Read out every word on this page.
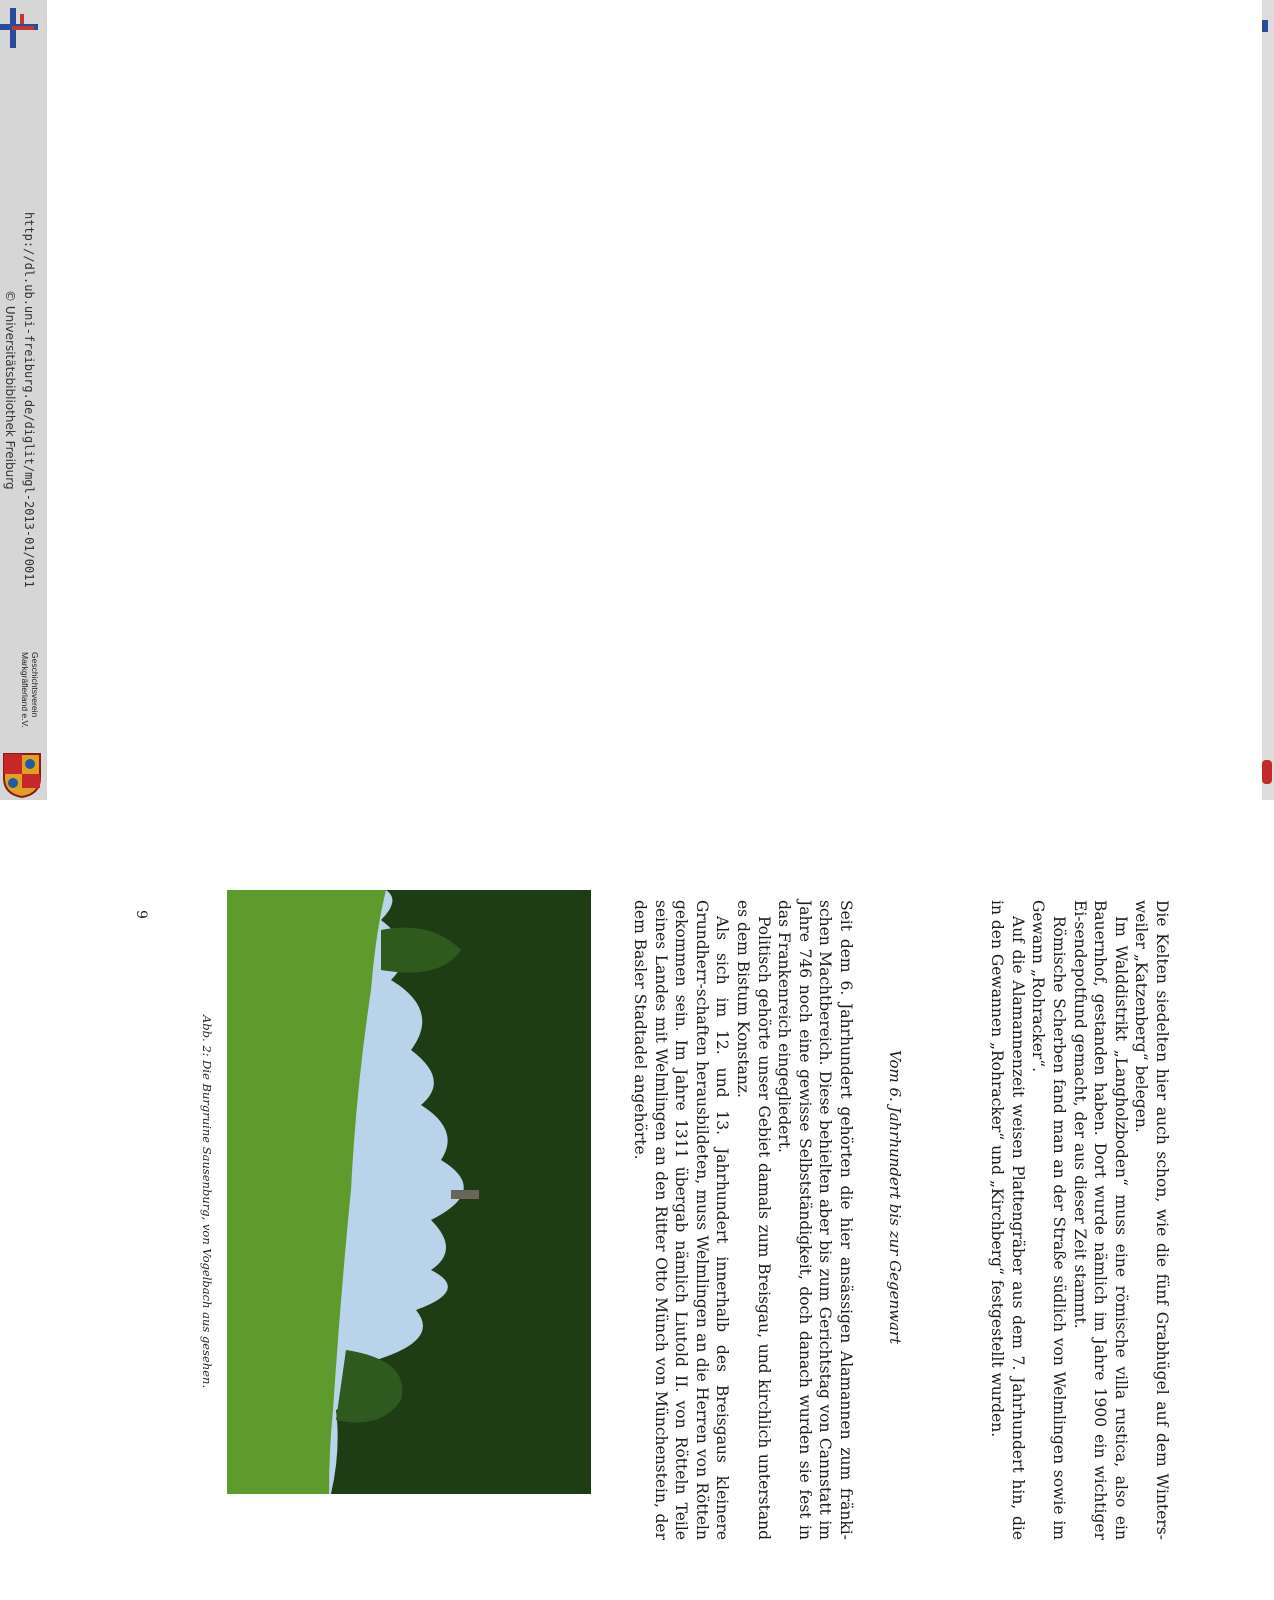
Die Kelten siedelten hier auch schon, wie die fünf Grabhügel auf dem Winters-weiler „Katzenberg“ belegen.

Im Walddistrikt „Langholzboden“ muss eine römische villa rustica, also ein Bauernhof, gestanden haben. Dort wurde nämlich im Jahre 1900 ein wichtiger Ei-sendepotfund gemacht, der aus dieser Zeit stammt.

Römische Scherben fand man an der Straße südlich von Welmlingen sowie im Gewann „Rohracker“.

Auf die Alamannenzeit weisen Plattengräber aus dem 7. Jahrhundert hin, die in den Gewannen „Rohracker“ und „Kirchberg“ festgestellt wurden.

Vom 6. Jahrhundert bis zur Gegenwart

Seit dem 6. Jahrhundert gehörten die hier ansässigen Alamannen zum fränki-schen Machtbereich. Diese behielten aber bis zum Gerichtstag von Cannstatt im Jahre 746 noch eine gewisse Selbstständigkeit, doch danach wurden sie fest in das Frankenreich eingegliedert.

Politisch gehörte unser Gebiet damals zum Breisgau, und kirchlich unterstand es dem Bistum Konstanz.

Als sich im 12. und 13. Jahrhundert innerhalb des Breisgaus kleinere Grundherr-schaften herausbildeten, muss Welmlingen an die Herren von Rötteln gekommen sein. Im Jahre 1311 übergab nämlich Liutold II. von Rötteln Teile seines Landes mit Welmlingen an den Ritter Otto Münch von Münchenstein, der dem Basler Stadtadel angehörte.

Abb. 2: Die Burgruine Sausenburg, von Vogelbach aus gesehen.
9
http://dl.ub.uni-freiburg.de/diglit/mgl-2013-01/0011
© Universitätsbibliothek Freiburg
Geschichtsverein
Markgräflerland e.V.
